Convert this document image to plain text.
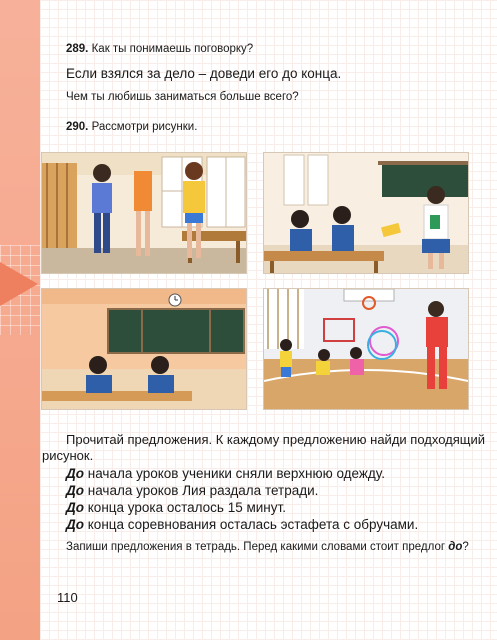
289. Как ты понимаешь поговорку?
Если взялся за дело – доведи его до конца.
Чем ты любишь заниматься больше всего?
290. Рассмотри рисунки.
Прочитай предложения. К каждому предложению найди подходящий
рисунок.
До начала уроков ученики сняли верхнюю одежду.
До начала уроков Лия раздала тетради.
До конца урока осталось 15 минут.
До конца соревнования осталась эстафета с обручами.
Запиши предложения в тетрадь. Перед какими словами стоит предлог до?
110
